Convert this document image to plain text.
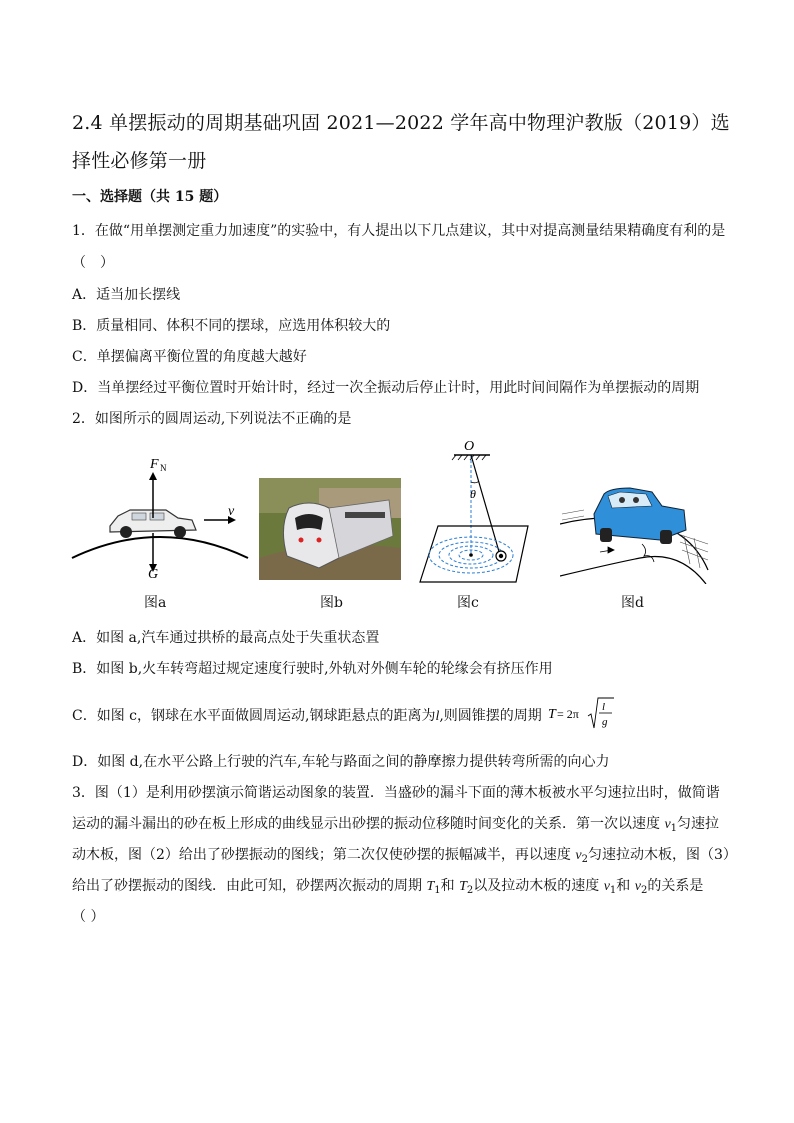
2.4 单摆振动的周期基础巩固 2021—2022 学年高中物理沪教版（2019）选择性必修第一册
一、选择题（共 15 题）
1．在做“用单摆测定重力加速度”的实验中，有人提出以下几点建议，其中对提高测量结果精确度有利的是
（　）
A．适当加长摆线
B．质量相同、体积不同的摆球，应选用体积较大的
C．单摆偏离平衡位置的角度越大越好
D．当单摆经过平衡位置时开始计时，经过一次全振动后停止计时，用此时间间隔作为单摆振动的周期
2．如图所示的圆周运动,下列说法不正确的是
F N
G
v
O
θ
图a	图b	图c	图d
A．如图 a,汽车通过拱桥的最高点处于失重状态置
B．如图 b,火车转弯超过规定速度行驶时,外轨对外侧车轮的轮缘会有挤压作用
C．如图 c，钢球在水平面做圆周运动,钢球距悬点的距离为l,则圆锥摆的周期 T = 2π l
g
D．如图 d,在水平公路上行驶的汽车,车轮与路面之间的静摩擦力提供转弯所需的向心力
3．图（1）是利用砂摆演示简谐运动图象的装置．当盛砂的漏斗下面的薄木板被水平匀速拉出时，做简谐
运动的漏斗漏出的砂在板上形成的曲线显示出砂摆的振动位移随时间变化的关系．第一次以速度 $v_1$匀速拉
动木板，图（2）给出了砂摆振动的图线；第二次仅使砂摆的振幅减半，再以速度 $v_2$匀速拉动木板，图（3）
给出了砂摆振动的图线．由此可知，砂摆两次振动的周期 $T_1$和 $T_2$以及拉动木板的速度 $v_1$和 $v_2$的关系是
（ ）
